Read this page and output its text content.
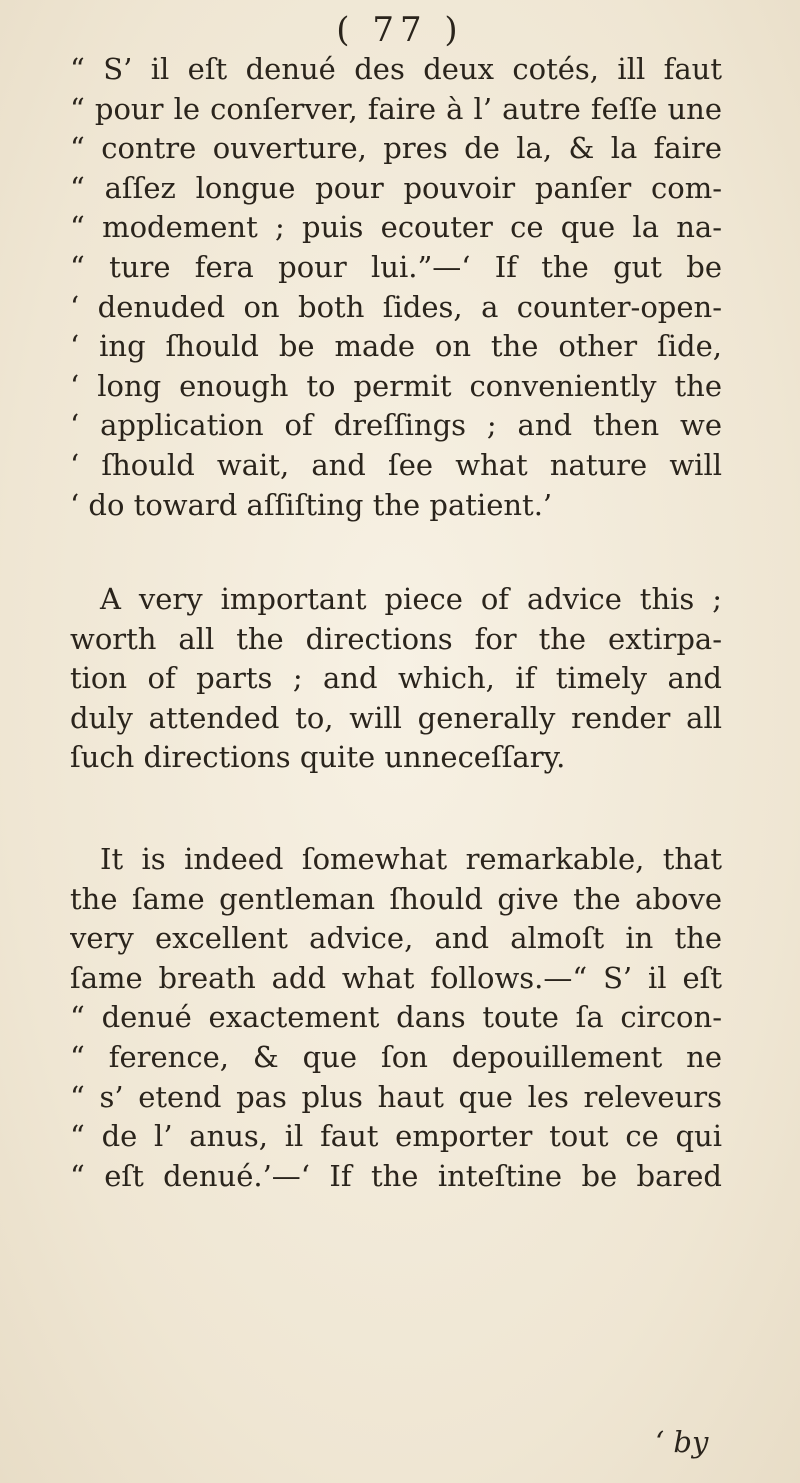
( 77 )
“ S’ il eſt denué des deux cotés, ill faut
“ pour le conſerver, faire à l’ autre feſſe une
“ contre ouverture, pres de la, & la faire
“ aſſez longue pour pouvoir panſer com-
“ modement ; puis ecouter ce que la na-
“ ture fera pour lui.”—‘ If the gut be
‘ denuded on both ſides, a counter-open-
‘ ing ſhould be made on the other ſide,
‘ long enough to permit conveniently the
‘ application of dreſſings ; and then we
‘ ſhould wait, and ſee what nature will
‘ do toward aſſiſting the patient.’
A very important piece of advice this ;
worth all the directions for the extirpa-
tion of parts ; and which, if timely and
duly attended to, will generally render all
ſuch directions quite unneceſſary.
It is indeed ſomewhat remarkable, that
the ſame gentleman ſhould give the above
very excellent advice, and almoſt in the
ſame breath add what follows.—“ S’ il eſt
“ denué exactement dans toute ſa circon-
“ ference, & que ſon depouillement ne
“ s’ etend pas plus haut que les releveurs
“ de l’ anus, il faut emporter tout ce qui
“ eſt denué.’—‘ If the inteſtine be bared
‘ by
